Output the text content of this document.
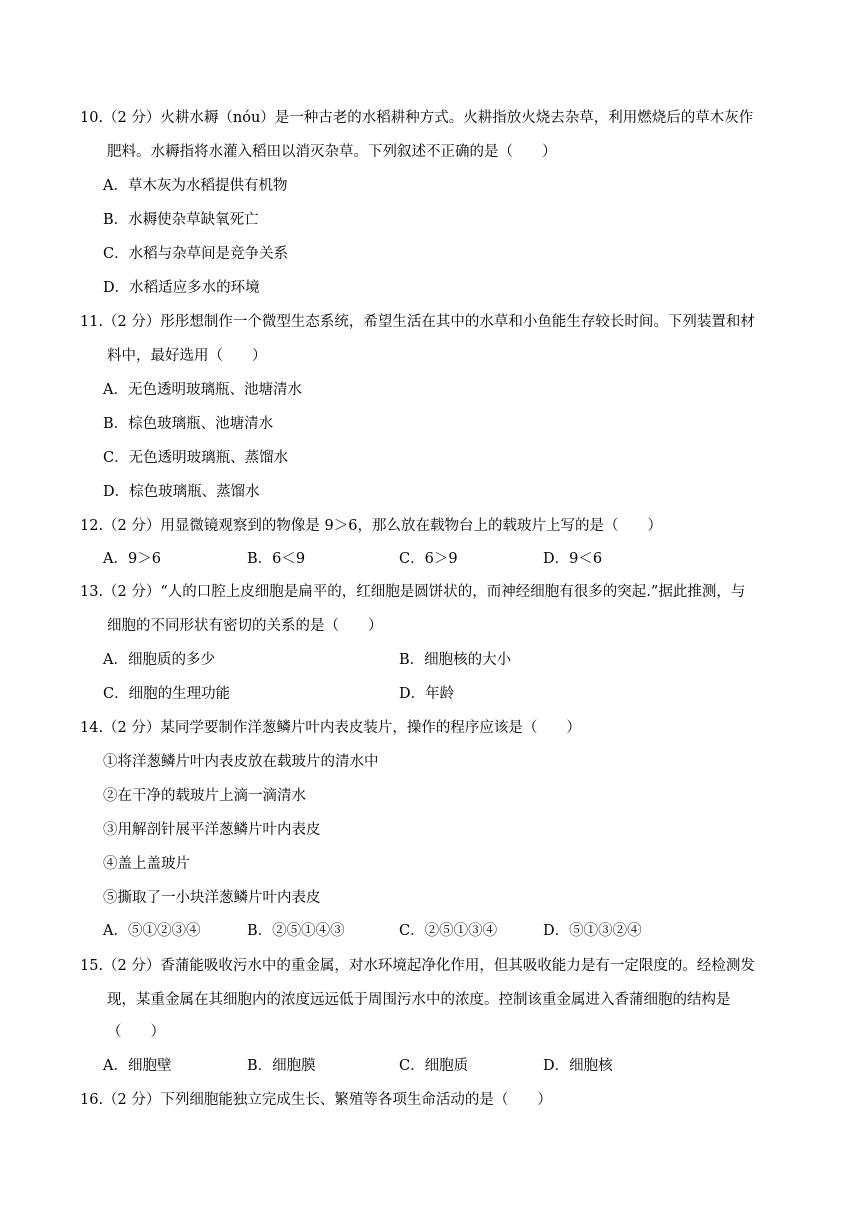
10.（2 分）火耕水耨（nóu）是一种古老的水稻耕种方式。火耕指放火烧去杂草，利用燃烧后的草木灰作
肥料。水耨指将水灌入稻田以消灭杂草。下列叙述不正确的是（　　）
A．草木灰为水稻提供有机物
B．水耨使杂草缺氧死亡
C．水稻与杂草间是竞争关系
D．水稻适应多水的环境
11.（2 分）彤彤想制作一个微型生态系统，希望生活在其中的水草和小鱼能生存较长时间。下列装置和材
料中，最好选用（　　）
A．无色透明玻璃瓶、池塘清水
B．棕色玻璃瓶、池塘清水
C．无色透明玻璃瓶、蒸馏水
D．棕色玻璃瓶、蒸馏水
12.（2 分）用显微镜观察到的物像是 9＞6，那么放在载物台上的载玻片上写的是（　　）
A．9＞6	B．6＜9	C．6＞9	D．9＜6
13.（2 分）“人的口腔上皮细胞是扁平的，红细胞是圆饼状的，而神经细胞有很多的突起.”据此推测，与
细胞的不同形状有密切的关系的是（　　）
A．细胞质的多少	B．细胞核的大小
C．细胞的生理功能	D．年龄
14.（2 分）某同学要制作洋葱鳞片叶内表皮装片，操作的程序应该是（　　）
①将洋葱鳞片叶内表皮放在载玻片的清水中
②在干净的载玻片上滴一滴清水
③用解剖针展平洋葱鳞片叶内表皮
④盖上盖玻片
⑤撕取了一小块洋葱鳞片叶内表皮
A．⑤①②③④	B．②⑤①④③	C．②⑤①③④	D．⑤①③②④
15.（2 分）香蒲能吸收污水中的重金属，对水环境起净化作用，但其吸收能力是有一定限度的。经检测发
现，某重金属在其细胞内的浓度远远低于周围污水中的浓度。控制该重金属进入香蒲细胞的结构是
（　　）
A．细胞壁	B．细胞膜	C．细胞质	D．细胞核
16.（2 分）下列细胞能独立完成生长、繁殖等各项生命活动的是（　　）
